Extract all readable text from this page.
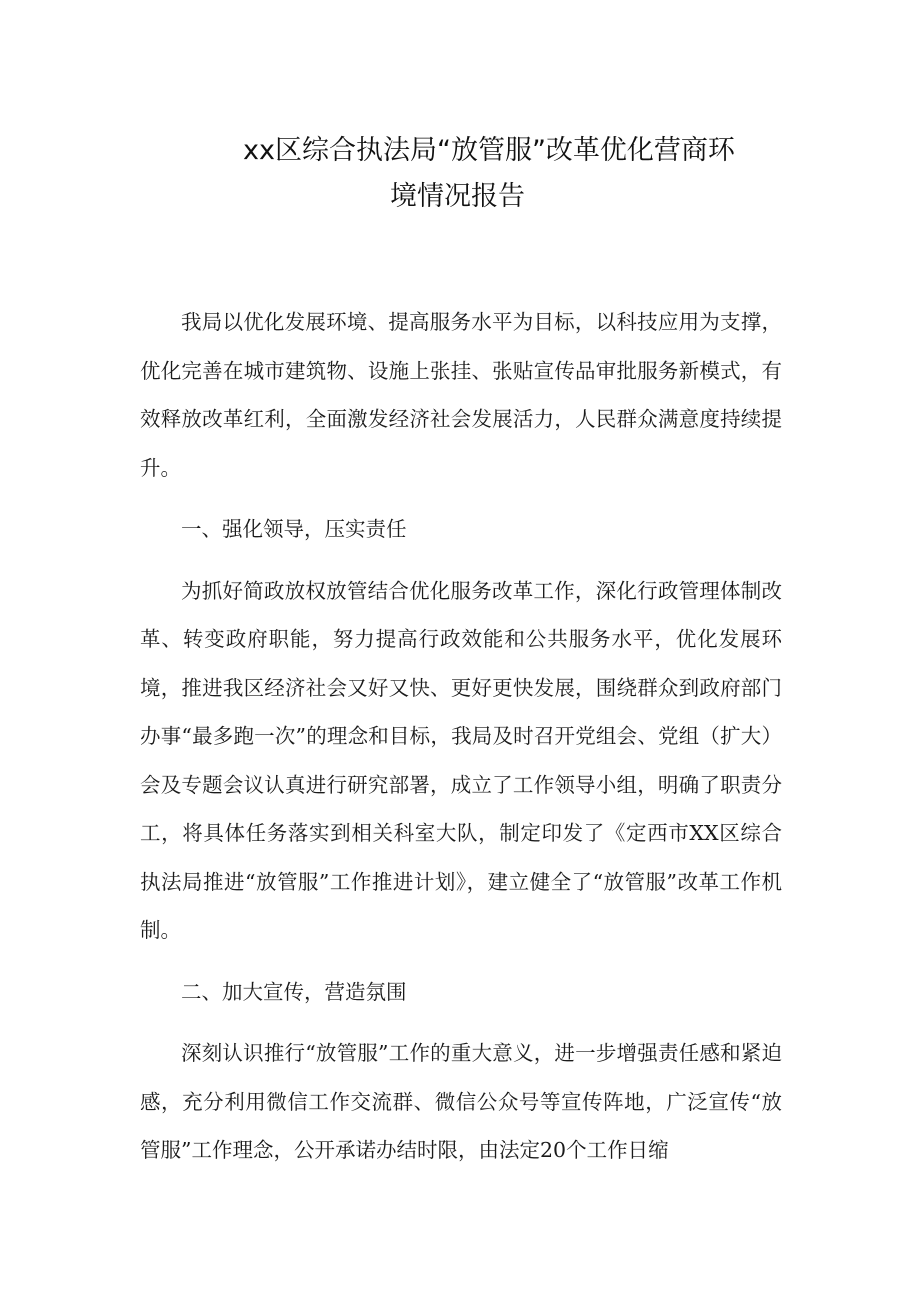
xx区综合执法局“放管服”改革优化营商环
境情况报告

我局以优化发展环境、提高服务水平为目标，以科技应用为支撑，优化完善在城市建筑物、设施上张挂、张贴宣传品审批服务新模式，有效释放改革红利，全面激发经济社会发展活力，人民群众满意度持续提升。

一、强化领导，压实责任

为抓好简政放权放管结合优化服务改革工作，深化行政管理体制改革、转变政府职能，努力提高行政效能和公共服务水平，优化发展环境，推进我区经济社会又好又快、更好更快发展，围绕群众到政府部门办事“最多跑一次”的理念和目标，我局及时召开党组会、党组（扩大）会及专题会议认真进行研究部署，成立了工作领导小组，明确了职责分工，将具体任务落实到相关科室大队，制定印发了《定西市XX区综合执法局推进“放管服”工作推进计划》，建立健全了“放管服”改革工作机制。

二、加大宣传，营造氛围

深刻认识推行“放管服”工作的重大意义，进一步增强责任感和紧迫感，充分利用微信工作交流群、微信公众号等宣传阵地，广泛宣传“放管服”工作理念，公开承诺办结时限，由法定20个工作日缩
